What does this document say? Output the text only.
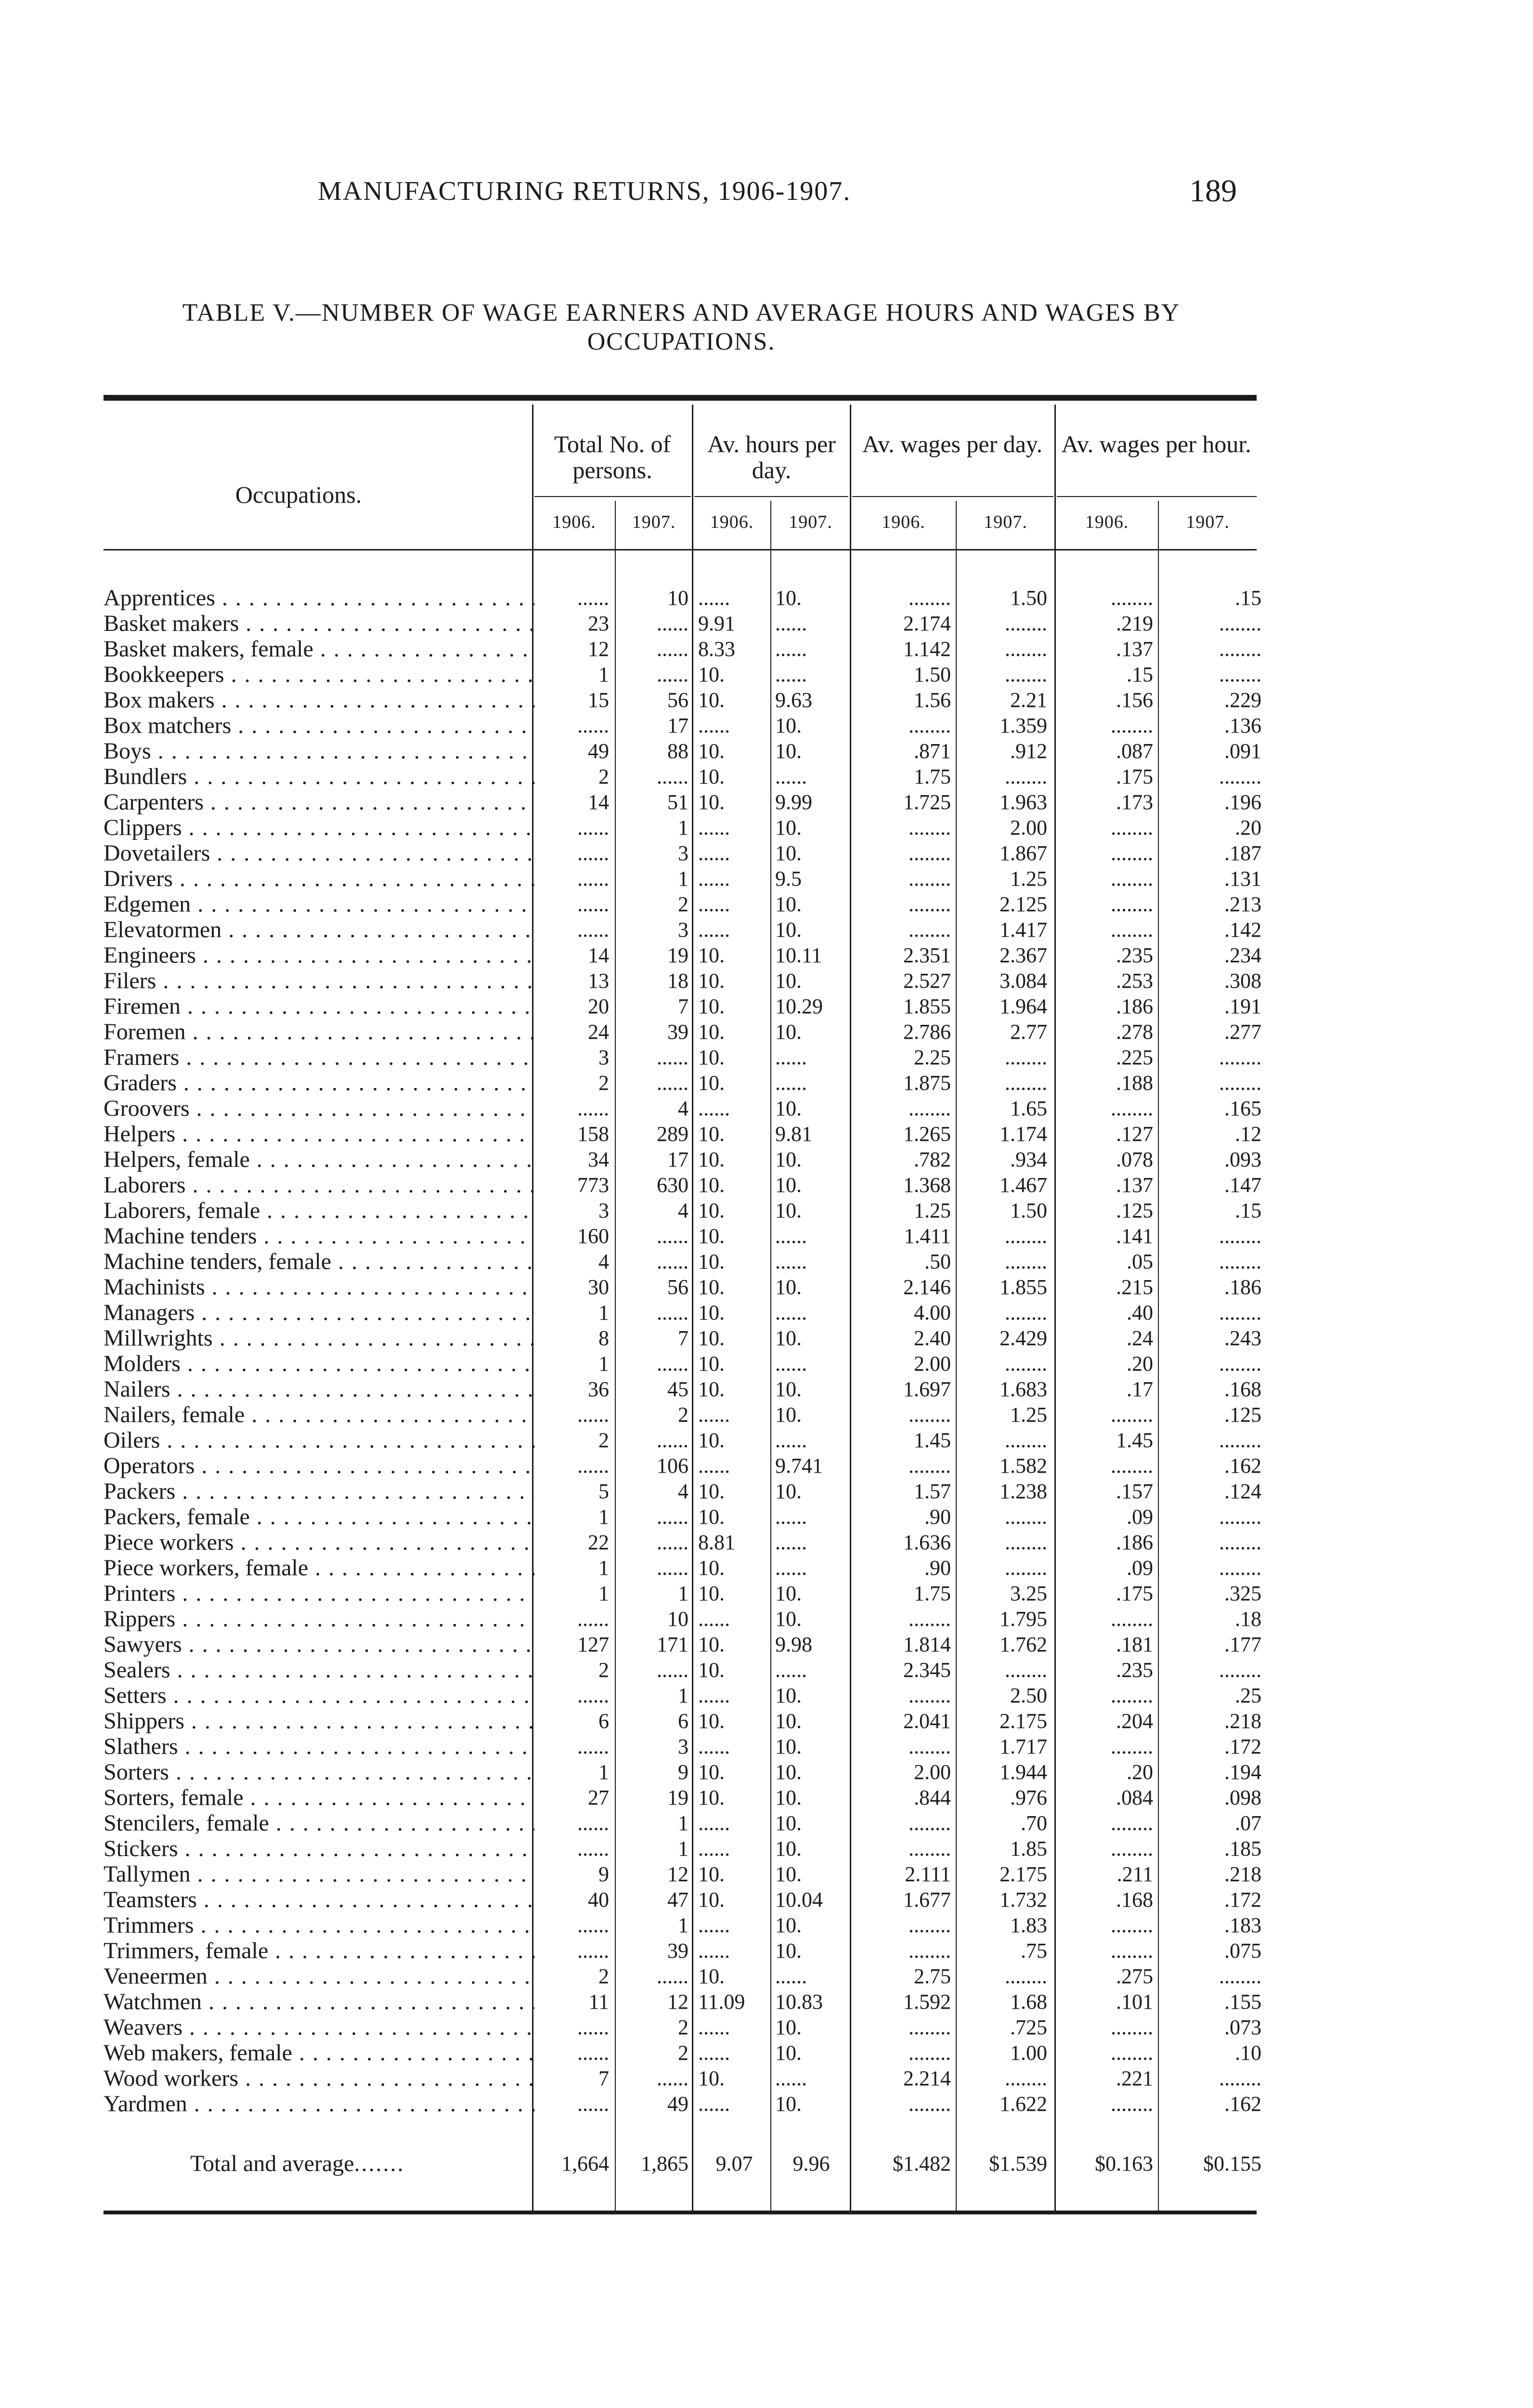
MANUFACTURING RETURNS, 1906-1907.	189
TABLE V.—NUMBER OF WAGE EARNERS AND AVERAGE HOURS AND WAGES BY OCCUPATIONS.
Occupations.
Total No. of persons.
Av. hours per day.
Av. wages per day. Av. wages per hour.
1906.	1907.	1906.	1907.	1906.	1907.	1906.	1907.
Apprentices . . .	......	10 ......	10.	........	1.50	........	.15
Basket makers . . .	23	...... 9.91	......	2.174	........	.219	........
Basket makers, female . . .	12	...... 8.33	......	1.142	........	.137	........
Bookkeepers . . .	1	...... 10.	......	1.50	........	.15	........
Box makers . . .	15	56 10.	9.63	1.56	2.21	.156	.229
Box matchers . . .	......	17 ......	10.	........	1.359	........	.136
Boys . . .	49	88 10.	10.	.871	.912	.087	.091
Bundlers . . .	2	...... 10.	......	1.75	........	.175	........
Carpenters . . .	14	51 10.	9.99	1.725	1.963	.173	.196
Clippers . . .	......	1 ......	10.	........	2.00	........	.20
Dovetailers . . .	......	3 ......	10.	........	1.867	........	.187
Drivers . . .	......	1 ......	9.5	........	1.25	........	.131
Edgemen . . .	......	2 ......	10.	........	2.125	........	.213
Elevatormen . . .	......	3 ......	10.	........	1.417	........	.142
Engineers . . .	14	19 10.	10.11	2.351	2.367	.235	.234
Filers . . .	13	18 10.	10.	2.527	3.084	.253	.308
Firemen . . .	20	7 10.	10.29	1.855	1.964	.186	.191
Foremen . . .	24	39 10.	10.	2.786	2.77	.278	.277
Framers . . .	3	...... 10.	......	2.25	........	.225	........
Graders . . .	2	...... 10.	......	1.875	........	.188	........
Groovers . . .	......	4 ......	10.	........	1.65	........	.165
Helpers . . .	158	289 10.	9.81	1.265	1.174	.127	.12
Helpers, female . . .	34	17 10.	10.	.782	.934	.078	.093
Laborers . . .	773	630 10.	10.	1.368	1.467	.137	.147
Laborers, female . . .	3	4 10.	10.	1.25	1.50	.125	.15
Machine tenders . . .	160	...... 10.	......	1.411	........	.141	........
Machine tenders, female . . .	4	...... 10.	......	.50	........	.05	........
Machinists . . .	30	56 10.	10.	2.146	1.855	.215	.186
Managers . . .	1	...... 10.	......	4.00	........	.40	........
Millwrights . . .	8	7 10.	10.	2.40	2.429	.24	.243
Molders . . .	1	...... 10.	......	2.00	........	.20	........
Nailers . . .	36	45 10.	10.	1.697	1.683	.17	.168
Nailers, female . . .	......	2 ......	10.	........	1.25	........	.125
Oilers . . .	2	...... 10.	......	1.45	........	1.45	........
Operators . . .	......	106 ......	9.741	........	1.582	........	.162
Packers . . .	5	4 10.	10.	1.57	1.238	.157	.124
Packers, female . . .	1	...... 10.	......	.90	........	.09	........
Piece workers . . .	22	...... 8.81	......	1.636	........	.186	........
Piece workers, female . . .	1	...... 10.	......	.90	........	.09	........
Printers . . .	1	1 10.	10.	1.75	3.25	.175	.325
Rippers . . .	......	10 ......	10.	........	1.795	........	.18
Sawyers . . .	127	171 10.	9.98	1.814	1.762	.181	.177
Sealers . . .	2	...... 10.	......	2.345	........	.235	........
Setters . . .	......	1 ......	10.	........	2.50	........	.25
Shippers . . .	6	6 10.	10.	2.041	2.175	.204	.218
Slathers . . .	......	3 ......	10.	........	1.717	........	.172
Sorters . . .	1	9 10.	10.	2.00	1.944	.20	.194
Sorters, female . . .	27	19 10.	10.	.844	.976	.084	.098
Stencilers, female . . .	......	1 ......	10.	........	.70	........	.07
Stickers . . .	......	1 ......	10.	........	1.85	........	.185
Tallymen . . .	9	12 10.	10.	2.111	2.175	.211	.218
Teamsters . . .	40	47 10.	10.04	1.677	1.732	.168	.172
Trimmers . . .	......	1 ......	10.	........	1.83	........	.183
Trimmers, female . . .	......	39 ......	10.	........	.75	........	.075
Veneermen . . .	2	...... 10.	......	2.75	........	.275	........
Watchmen . . .	11	12 11.09	10.83	1.592	1.68	.101	.155
Weavers . . .	......	2 ......	10.	........	.725	........	.073
Web makers, female . . .	......	2 ......	10.	........	1.00	........	.10
Wood workers . . .	7	...... 10.	......	2.214	........	.221	........
Yardmen . . .	......	49 ......	10.	........	1.622	........	.162
Total and average .......	1,664	1,865	9.07	9.96	$1.482	$1.539	$0.163	$0.155
